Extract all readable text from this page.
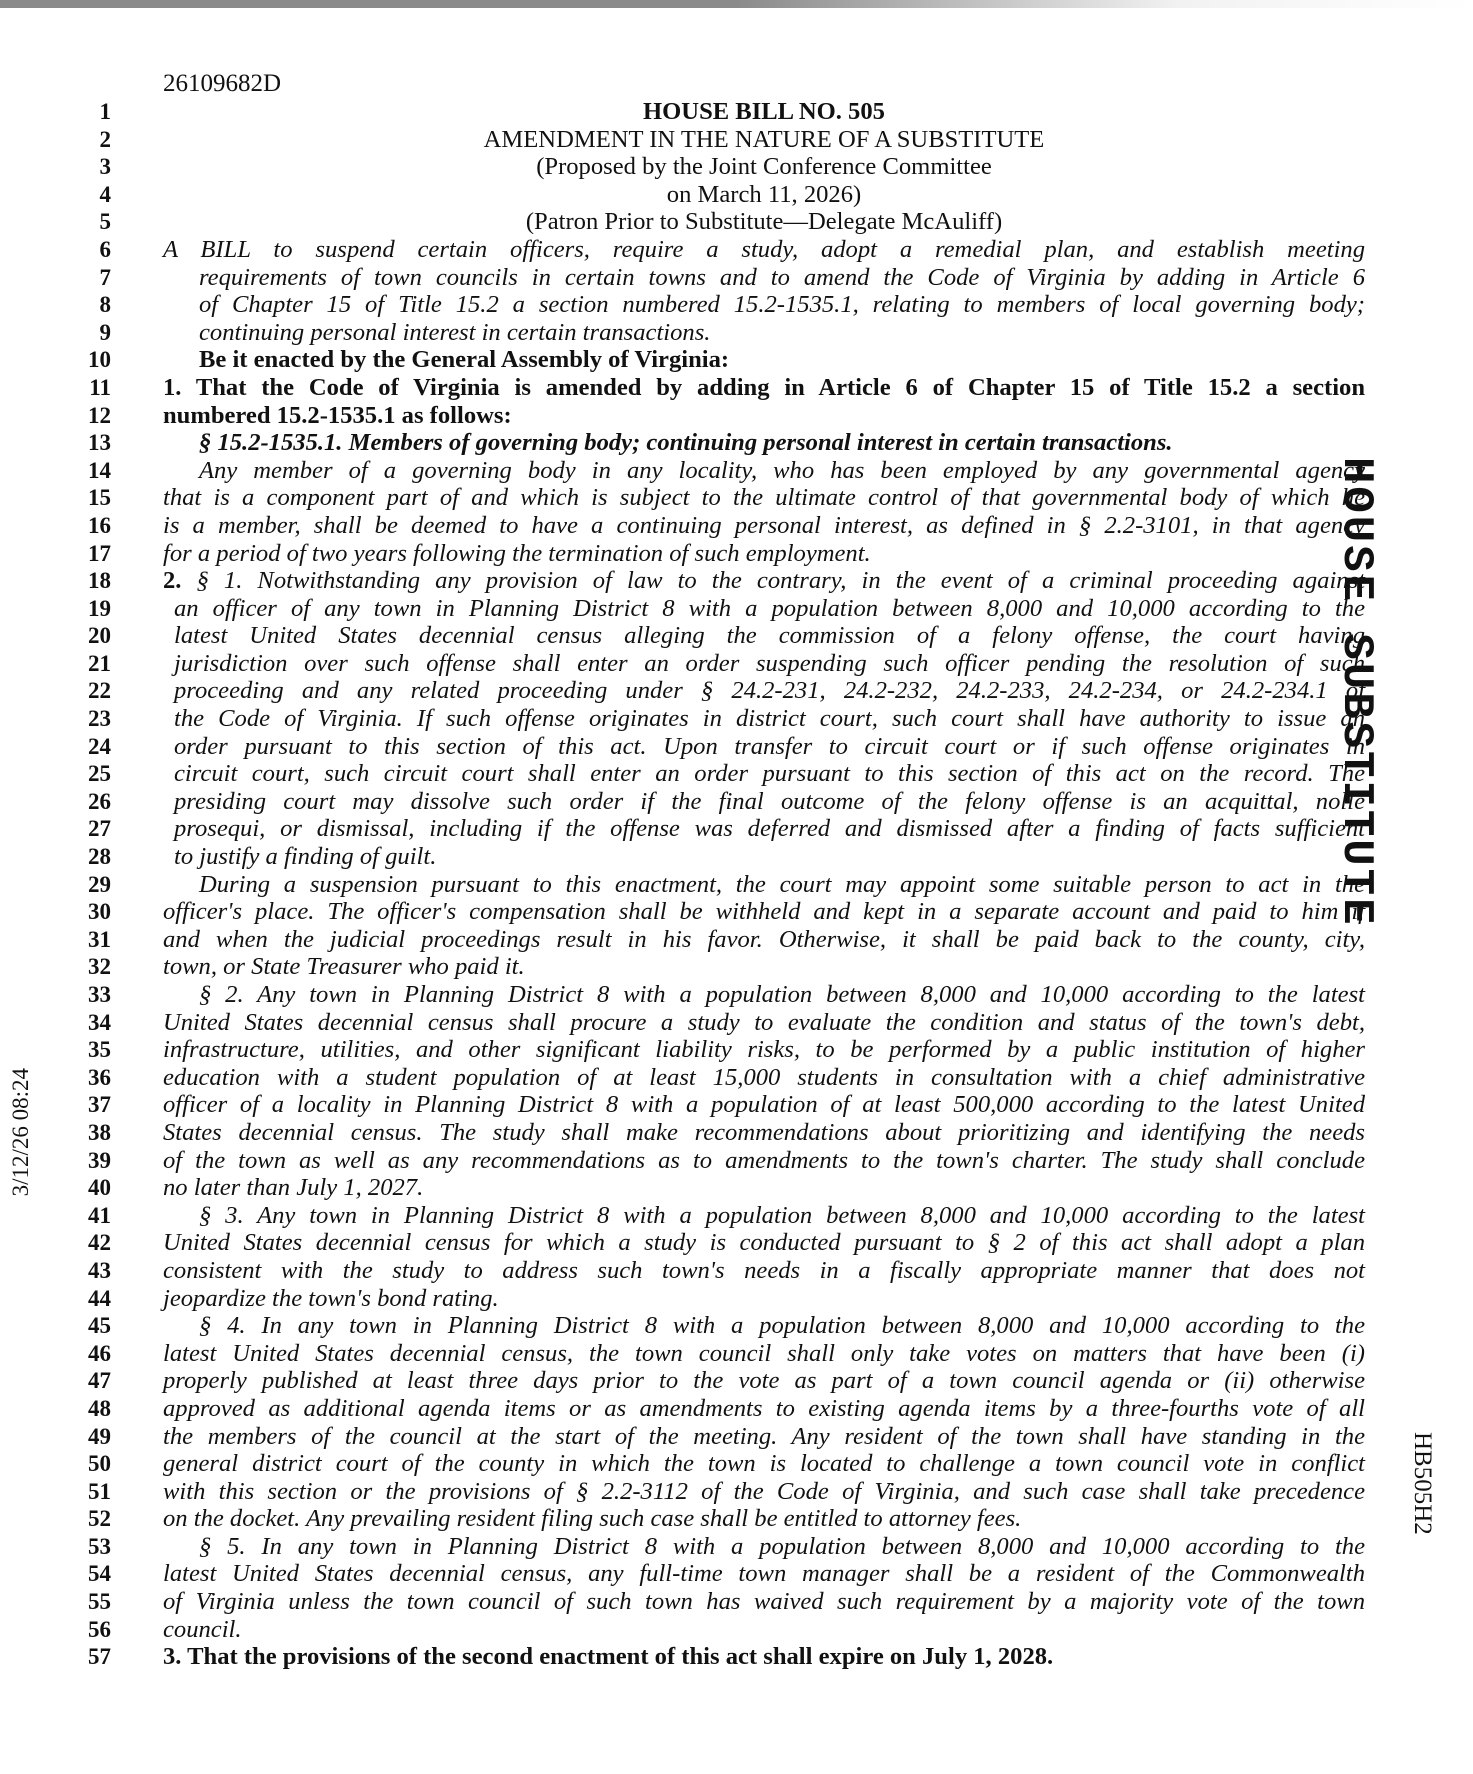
26109682D
1	HOUSE BILL NO. 505
2	AMENDMENT IN THE NATURE OF A SUBSTITUTE
3	(Proposed by the Joint Conference Committee
4	on March 11, 2026)
5	(Patron Prior to Substitute—Delegate McAuliff)
6 A BILL to suspend certain officers, require a study, adopt a remedial plan, and establish meeting
7	requirements of town councils in certain towns and to amend the Code of Virginia by adding in Article 6
8	of Chapter 15 of Title 15.2 a section numbered 15.2-1535.1, relating to members of local governing body;
9	continuing personal interest in certain transactions.
10	Be it enacted by the General Assembly of Virginia:
11 1. That the Code of Virginia is amended by adding in Article 6 of Chapter 15 of Title 15.2 a section
12 numbered 15.2-1535.1 as follows:
13	§ 15.2-1535.1. Members of governing body; continuing personal interest in certain transactions.
14	Any member of a governing body in any locality, who has been employed by any governmental agency
15 that is a component part of and which is subject to the ultimate control of that governmental body of which he
16 is a member, shall be deemed to have a continuing personal interest, as defined in § 2.2-3101, in that agency
17 for a period of two years following the termination of such employment.
18 2. § 1. Notwithstanding any provision of law to the contrary, in the event of a criminal proceeding against
19	an officer of any town in Planning District 8 with a population between 8,000 and 10,000 according to the
20	latest United States decennial census alleging the commission of a felony offense, the court having
21	jurisdiction over such offense shall enter an order suspending such officer pending the resolution of such
22	proceeding and any related proceeding under § 24.2-231, 24.2-232, 24.2-233, 24.2-234, or 24.2-234.1 of
23	the Code of Virginia. If such offense originates in district court, such court shall have authority to issue an
24	order pursuant to this section of this act. Upon transfer to circuit court or if such offense originates in
25	circuit court, such circuit court shall enter an order pursuant to this section of this act on the record. The
26	presiding court may dissolve such order if the final outcome of the felony offense is an acquittal, nolle
27	prosequi, or dismissal, including if the offense was deferred and dismissed after a finding of facts sufficient
28	to justify a finding of guilt.
29	During a suspension pursuant to this enactment, the court may appoint some suitable person to act in the
30 officer's place. The officer's compensation shall be withheld and kept in a separate account and paid to him if
31 and when the judicial proceedings result in his favor. Otherwise, it shall be paid back to the county, city,
32 town, or State Treasurer who paid it.
33	§ 2. Any town in Planning District 8 with a population between 8,000 and 10,000 according to the latest
34 United States decennial census shall procure a study to evaluate the condition and status of the town's debt,
35 infrastructure, utilities, and other significant liability risks, to be performed by a public institution of higher
36 education with a student population of at least 15,000 students in consultation with a chief administrative
37 officer of a locality in Planning District 8 with a population of at least 500,000 according to the latest United
38 States decennial census. The study shall make recommendations about prioritizing and identifying the needs
39 of the town as well as any recommendations as to amendments to the town's charter. The study shall conclude
40 no later than July 1, 2027.
41	§ 3. Any town in Planning District 8 with a population between 8,000 and 10,000 according to the latest
42 United States decennial census for which a study is conducted pursuant to § 2 of this act shall adopt a plan
43 consistent with the study to address such town's needs in a fiscally appropriate manner that does not
44 jeopardize the town's bond rating.
45	§ 4. In any town in Planning District 8 with a population between 8,000 and 10,000 according to the
46 latest United States decennial census, the town council shall only take votes on matters that have been (i)
47 properly published at least three days prior to the vote as part of a town council agenda or (ii) otherwise
48 approved as additional agenda items or as amendments to existing agenda items by a three-fourths vote of all
49 the members of the council at the start of the meeting. Any resident of the town shall have standing in the
50 general district court of the county in which the town is located to challenge a town council vote in conflict
51 with this section or the provisions of § 2.2-3112 of the Code of Virginia, and such case shall take precedence
52 on the docket. Any prevailing resident filing such case shall be entitled to attorney fees.
53	§ 5. In any town in Planning District 8 with a population between 8,000 and 10,000 according to the
54 latest United States decennial census, any full-time town manager shall be a resident of the Commonwealth
55 of Virginia unless the town council of such town has waived such requirement by a majority vote of the town
56 council.
57 3. That the provisions of the second enactment of this act shall expire on July 1, 2028.
HOUSE SUBSTITUTE
HB505H2
3/12/26 08:24
